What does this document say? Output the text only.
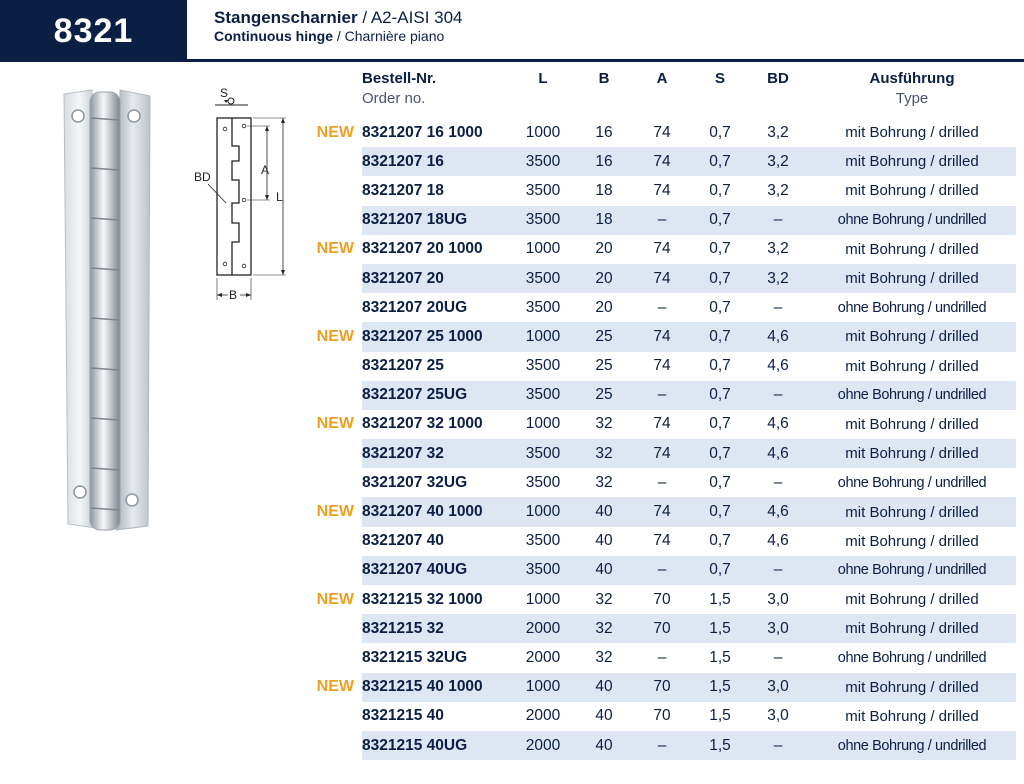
8321	Stangenscharnier / A2-AISI 304
Continuous hinge / Charnière piano
S
A
L
BD
B
	Bestell-Nr.
Order no.	L	B	A	S	BD	Ausführung
Type

NEW	8321207 16 1000	1000	16	74	0,7	3,2	mit Bohrung / drilled
	8321207 16	3500	16	74	0,7	3,2	mit Bohrung / drilled
	8321207 18	3500	18	74	0,7	3,2	mit Bohrung / drilled
	8321207 18UG	3500	18	–	0,7	–	ohne Bohrung / undrilled
NEW	8321207 20 1000	1000	20	74	0,7	3,2	mit Bohrung / drilled
	8321207 20	3500	20	74	0,7	3,2	mit Bohrung / drilled
	8321207 20UG	3500	20	–	0,7	–	ohne Bohrung / undrilled
NEW	8321207 25 1000	1000	25	74	0,7	4,6	mit Bohrung / drilled
	8321207 25	3500	25	74	0,7	4,6	mit Bohrung / drilled
	8321207 25UG	3500	25	–	0,7	–	ohne Bohrung / undrilled
NEW	8321207 32 1000	1000	32	74	0,7	4,6	mit Bohrung / drilled
	8321207 32	3500	32	74	0,7	4,6	mit Bohrung / drilled
	8321207 32UG	3500	32	–	0,7	–	ohne Bohrung / undrilled
NEW	8321207 40 1000	1000	40	74	0,7	4,6	mit Bohrung / drilled
	8321207 40	3500	40	74	0,7	4,6	mit Bohrung / drilled
	8321207 40UG	3500	40	–	0,7	–	ohne Bohrung / undrilled
NEW	8321215 32 1000	1000	32	70	1,5	3,0	mit Bohrung / drilled
	8321215 32	2000	32	70	1,5	3,0	mit Bohrung / drilled
	8321215 32UG	2000	32	–	1,5	–	ohne Bohrung / undrilled
NEW	8321215 40 1000	1000	40	70	1,5	3,0	mit Bohrung / drilled
	8321215 40	2000	40	70	1,5	3,0	mit Bohrung / drilled
	8321215 40UG	2000	40	–	1,5	–	ohne Bohrung / undrilled
